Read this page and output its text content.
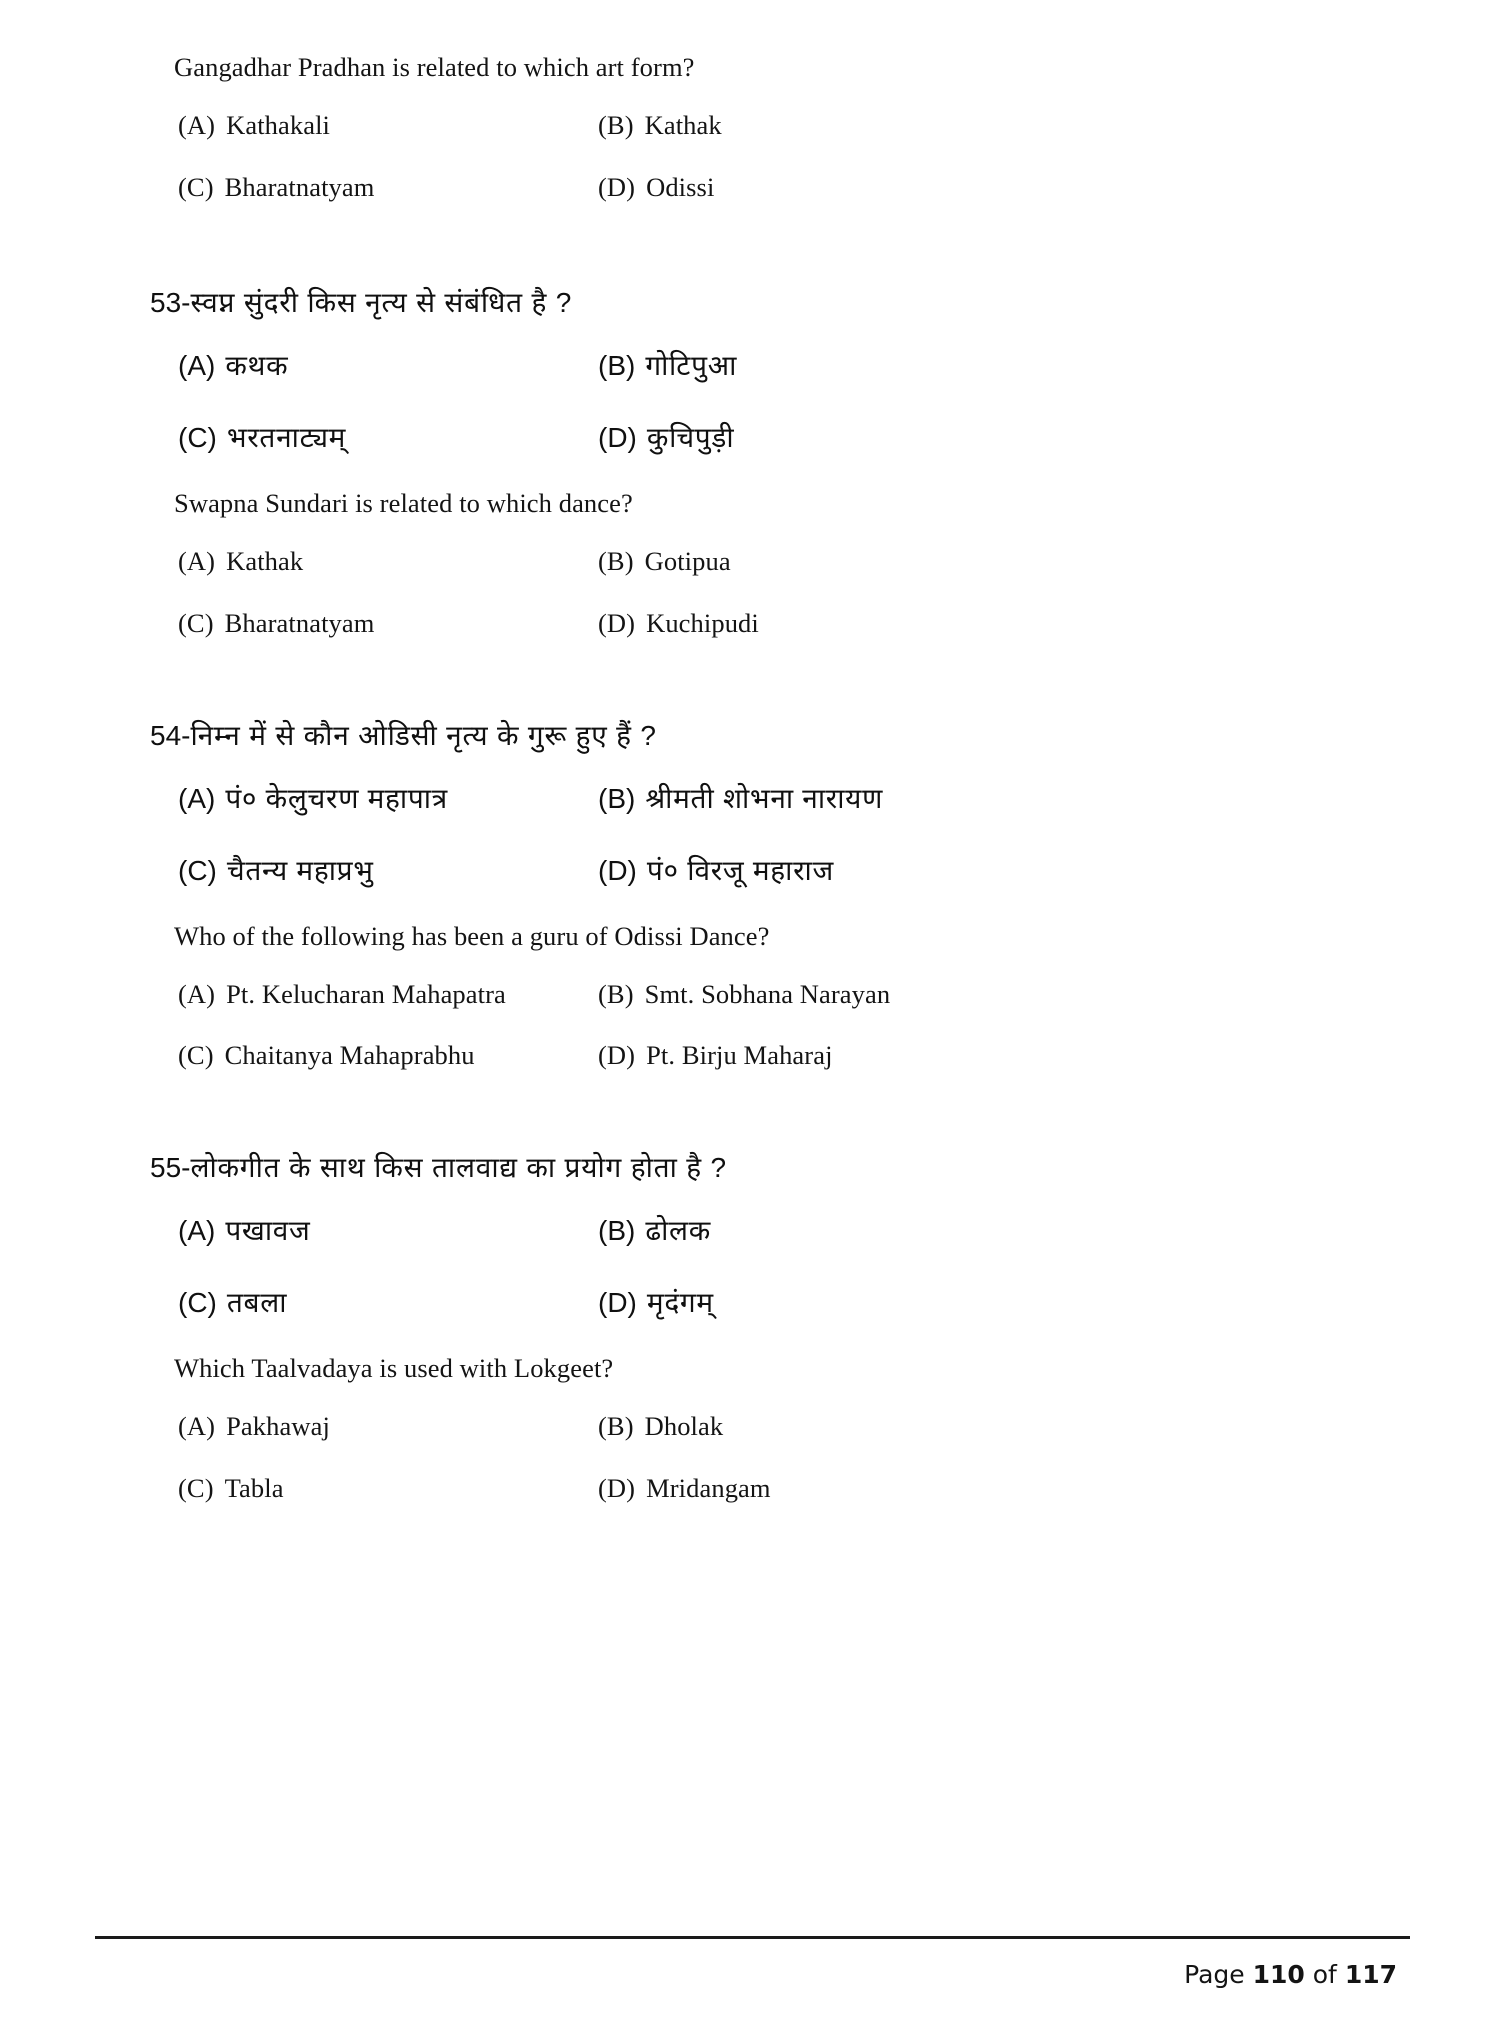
Gangadhar Pradhan is related to which art form?
(A) Kathakali	(B) Kathak
(C) Bharatnatyam	(D) Odissi
53- स्वप्न सुंदरी किस नृत्य से संबंधित है ?
(A) कथक	(B) गोटिपुआ
(C) भरतनाट्यम्	(D) कुचिपुड़ी
Swapna Sundari is related to which dance?
(A) Kathak	(B) Gotipua
(C) Bharatnatyam	(D) Kuchipudi
54- निम्न में से कौन ओडिसी नृत्य के गुरू हुए हैं ?
(A) पं० केलुचरण महापात्र	(B) श्रीमती शोभना नारायण
(C) चैतन्य महाप्रभु	(D) पं० विरजू महाराज
Who of the following has been a guru of Odissi Dance?
(A) Pt. Kelucharan Mahapatra	(B) Smt. Sobhana Narayan
(C) Chaitanya Mahaprabhu	(D) Pt. Birju Maharaj
55- लोकगीत के साथ किस तालवाद्य का प्रयोग होता है ?
(A) पखावज	(B) ढोलक
(C) तबला	(D) मृदंगम्
Which Taalvadaya is used with Lokgeet?
(A) Pakhawaj	(B) Dholak
(C) Tabla	(D) Mridangam
Page 110 of 117
